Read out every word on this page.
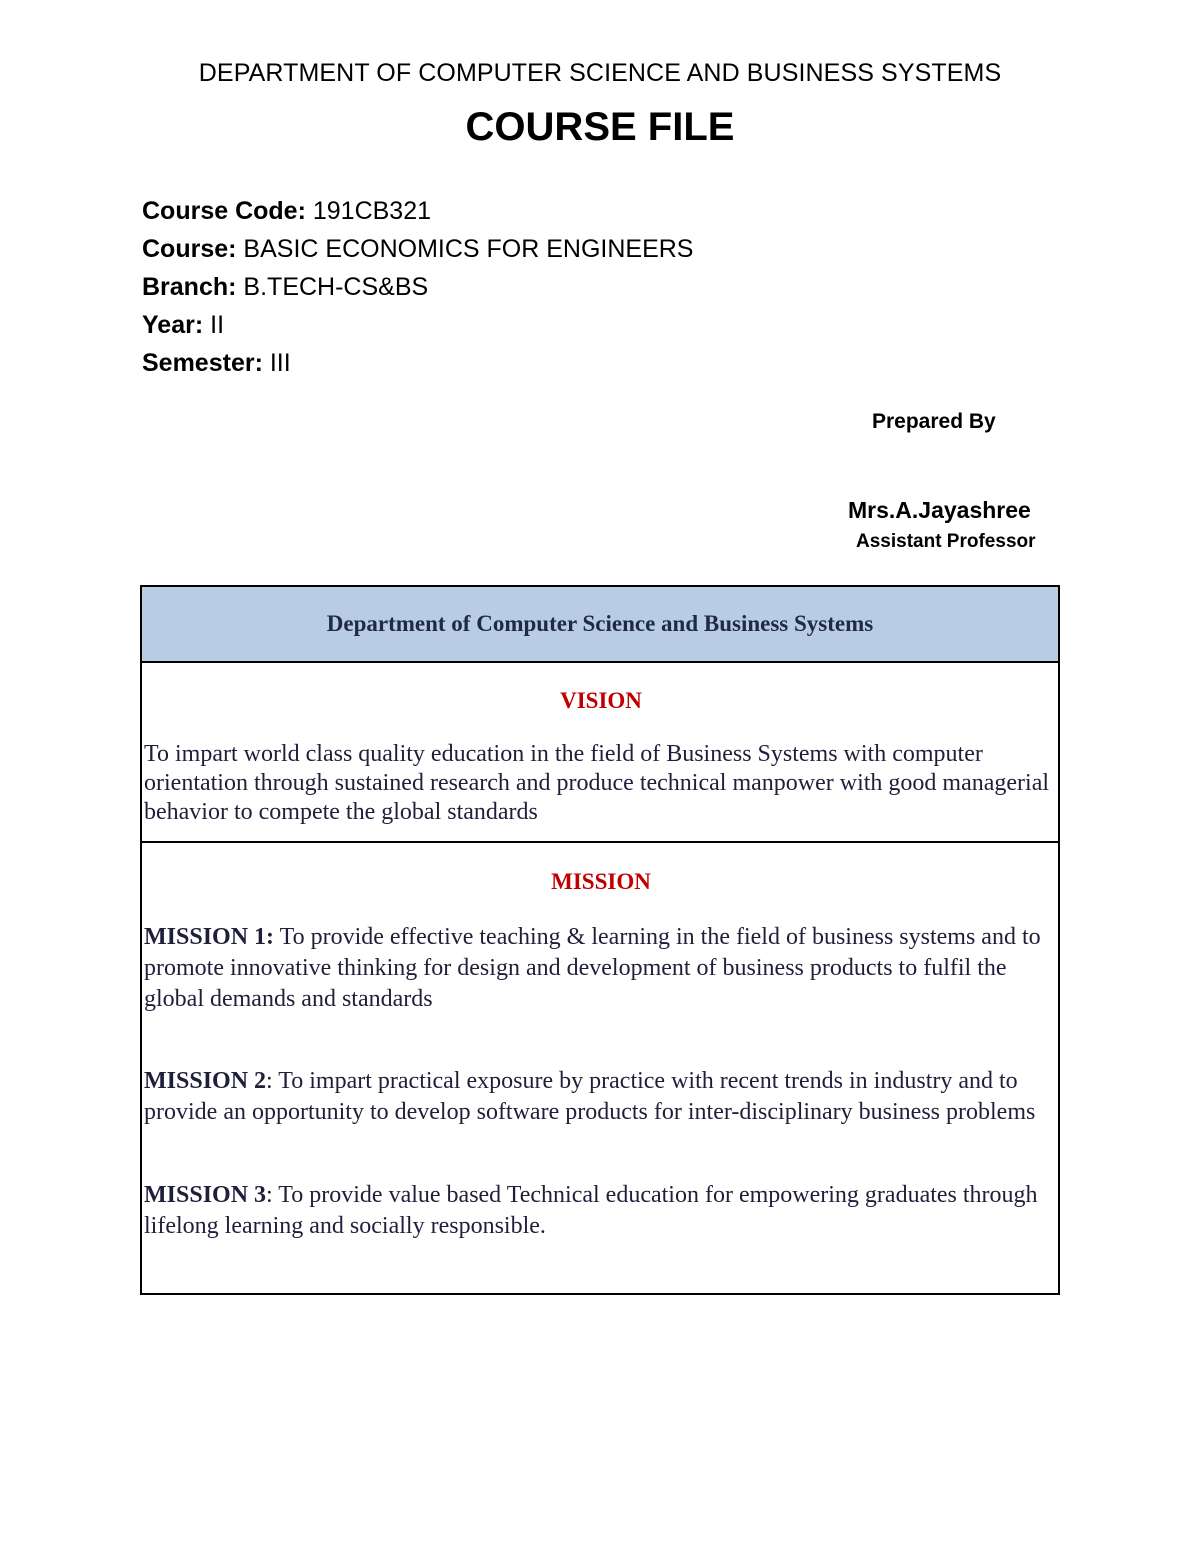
DEPARTMENT OF COMPUTER SCIENCE AND BUSINESS SYSTEMS
COURSE FILE
Course Code: 191CB321
Course: BASIC ECONOMICS FOR ENGINEERS
Branch: B.TECH-CS&BS
Year: II
Semester: III
Prepared By
Mrs.A.Jayashree
Assistant Professor
Department of Computer Science and Business Systems
VISION
To impart world class quality education in the field of Business Systems with computer orientation through sustained research and produce technical manpower with good managerial behavior to compete the global standards
MISSION
MISSION 1: To provide effective teaching & learning in the field of business systems and to promote innovative thinking for design and development of business products to fulfil the global demands and standards
MISSION 2: To impart practical exposure by practice with recent trends in industry and to provide an opportunity to develop software products for inter-disciplinary business problems
MISSION 3: To provide value based Technical education for empowering graduates through lifelong learning and socially responsible.
